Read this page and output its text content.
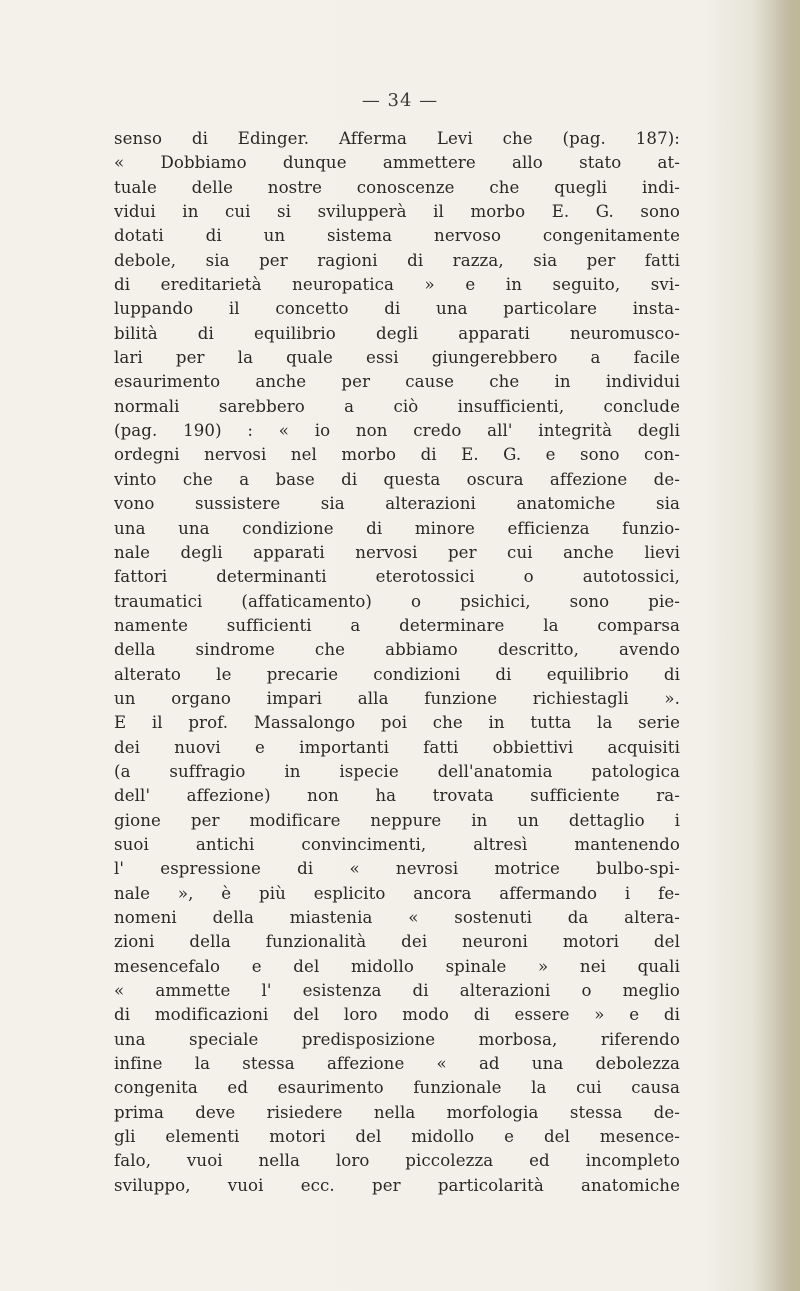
— 34 —
senso di Edinger. Afferma Levi che (pag. 187):
« Dobbiamo dunque ammettere allo stato at-
tuale delle nostre conoscenze che quegli indi-
vidui in cui si svilupperà il morbo E. G. sono
dotati di un sistema nervoso congenitamente
debole, sia per ragioni di razza, sia per fatti
di ereditarietà neuropatica » e in seguito, svi-
luppando il concetto di una particolare insta-
bilità di equilibrio degli apparati neuromusco-
lari per la quale essi giungerebbero a facile
esaurimento anche per cause che in individui
normali sarebbero a ciò insufficienti, conclude
(pag. 190) : « io non credo all' integrità degli
ordegni nervosi nel morbo di E. G. e sono con-
vinto che a base di questa oscura affezione de-
vono sussistere sia alterazioni anatomiche sia
una una condizione di minore efficienza funzio-
nale degli apparati nervosi per cui anche lievi
fattori determinanti eterotossici o autotossici,
traumatici (affaticamento) o psichici, sono pie-
namente sufficienti a determinare la comparsa
della sindrome che abbiamo descritto, avendo
alterato le precarie condizioni di equilibrio di
un organo impari alla funzione richiestagli ».
E il prof. Massalongo poi che in tutta la serie
dei nuovi e importanti fatti obbiettivi acquisiti
(a suffragio in ispecie dell'anatomia patologica
dell' affezione) non ha trovata sufficiente ra-
gione per modificare neppure in un dettaglio i
suoi antichi convincimenti, altresì mantenendo
l' espressione di « nevrosi motrice bulbo-spi-
nale », è più esplicito ancora affermando i fe-
nomeni della miastenia « sostenuti da altera-
zioni della funzionalità dei neuroni motori del
mesencefalo e del midollo spinale » nei quali
« ammette l' esistenza di alterazioni o meglio
di modificazioni del loro modo di essere » e di
una speciale predisposizione morbosa, riferendo
infine la stessa affezione « ad una debolezza
congenita ed esaurimento funzionale la cui causa
prima deve risiedere nella morfologia stessa de-
gli elementi motori del midollo e del mesence-
falo, vuoi nella loro piccolezza ed incompleto
sviluppo, vuoi ecc. per particolarità anatomiche
